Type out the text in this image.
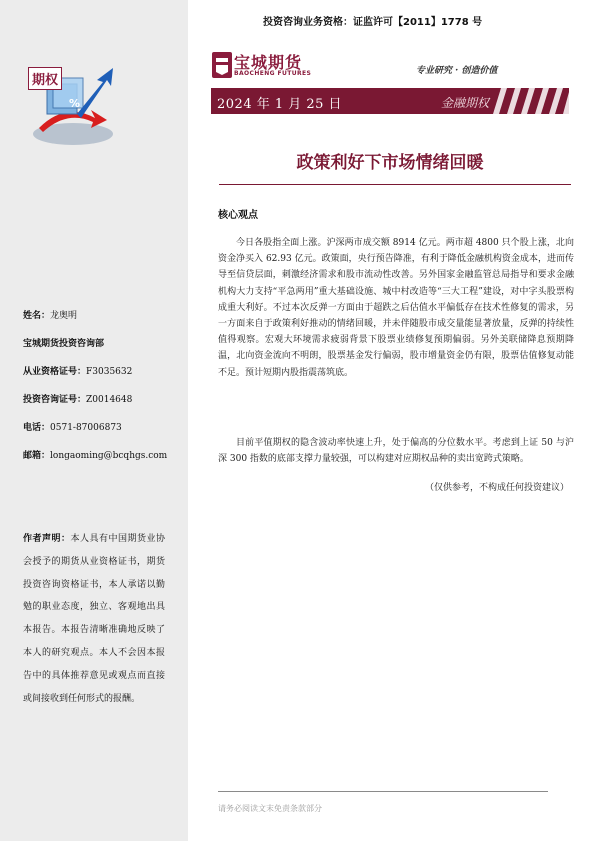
%
期权
姓名：龙奥明
宝城期货投资咨询部
从业资格证号：F3035632
投资咨询证号：Z0014648
电话：0571-87006873
邮箱：longaoming@bcqhgs.com
作者声明：本人具有中国期货业协会授予的期货从业资格证书，期货投资咨询资格证书，本人承诺以勤勉的职业态度，独立、客观地出具本报告。本报告清晰准确地反映了本人的研究观点。本人不会因本报告中的具体推荐意见或观点而直接或间接收到任何形式的报酬。
投资咨询业务资格：证监许可【2011】1778 号
宝城期货
BAOCHENG FUTURES	专业研究 · 创造价值
2024 年 1 月 25 日	金融期权
政策利好下市场情绪回暖
核心观点

今日各股指全面上涨。沪深两市成交额 8914 亿元。两市超 4800 只个股上涨，北向资金净买入 62.93 亿元。政策面，央行预告降准，有利于降低金融机构资金成本，进而传导至信贷层面，刺激经济需求和股市流动性改善。另外国家金融监管总局指导和要求金融机构大力支持“平急两用”重大基础设施、城中村改造等“三大工程”建设，对中字头股票构成重大利好。不过本次反弹一方面由于超跌之后估值水平偏低存在技术性修复的需求，另一方面来自于政策利好推动的情绪回暖，并未伴随股市成交量能显著放量，反弹的持续性值得观察。宏观大环境需求疲弱背景下股票业绩修复预期偏弱。另外美联储降息预期降温，北向资金流向不明朗，股票基金发行偏弱，股市增量资金仍有限，股票估值修复动能不足。预计短期内股指震荡筑底。

目前平值期权的隐含波动率快速上升，处于偏高的分位数水平。考虑到上证 50 与沪深 300 指数的底部支撑力量较强，可以构建对应期权品种的卖出宽跨式策略。

（仅供参考，不构成任何投资建议）
请务必阅读文末免责条款部分
